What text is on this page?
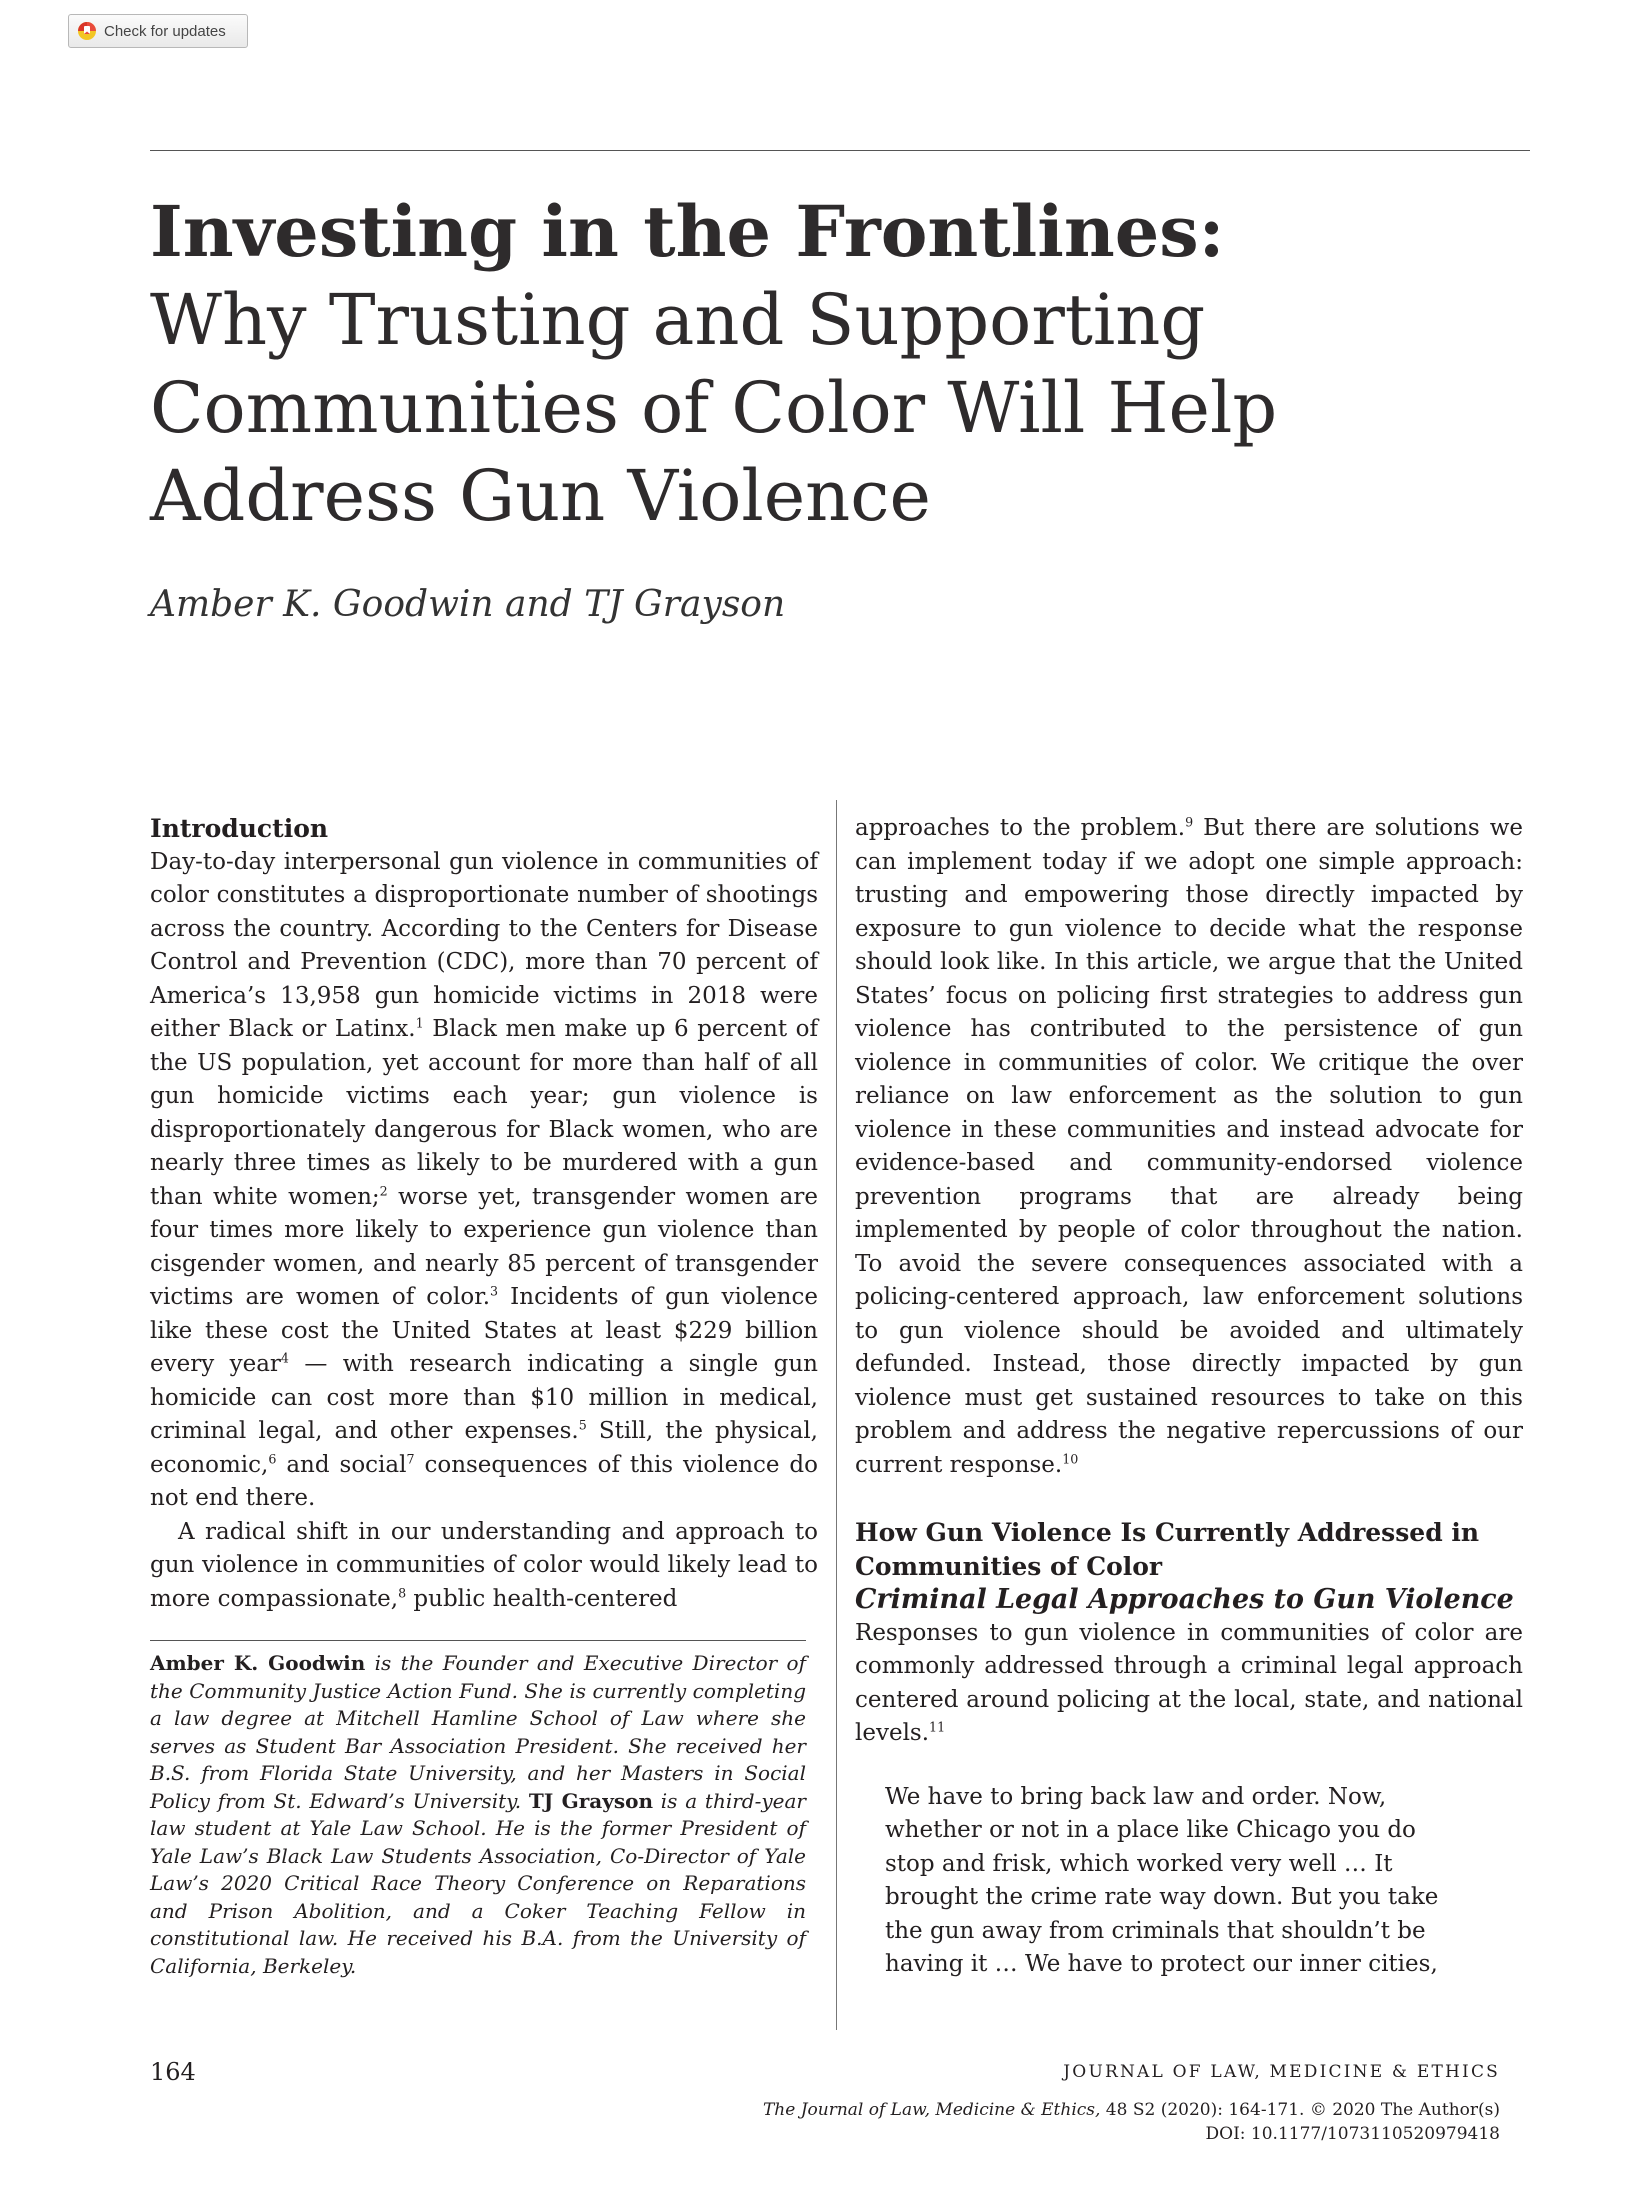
Check for updates
Investing in the Frontlines:
Why Trusting and Supporting Communities of Color Will Help Address Gun Violence

Amber K. Goodwin and TJ Grayson

Introduction

Day-to-day interpersonal gun violence in communities of color constitutes a disproportionate number of shootings across the country. According to the Centers for Disease Control and Prevention (CDC), more than 70 percent of America’s 13,958 gun homicide victims in 2018 were either Black or Latinx.$^1$ Black men make up 6 percent of the US population, yet account for more than half of all gun homicide victims each year; gun violence is disproportionately dangerous for Black women, who are nearly three times as likely to be murdered with a gun than white women;$^2$ worse yet, transgender women are four times more likely to experience gun violence than cisgender women, and nearly 85 percent of transgender victims are women of color.$^3$ Incidents of gun violence like these cost the United States at least $229 billion every year$^4$ — with research indicating a single gun homicide can cost more than $10 million in medical, criminal legal, and other expenses.$^5$ Still, the physical, economic,$^6$ and social$^7$ consequences of this violence do not end there.

A radical shift in our understanding and approach to gun violence in communities of color would likely lead to more compassionate,$^8$ public health-centered

Amber K. Goodwin is the Founder and Executive Director of the Community Justice Action Fund. She is currently completing a law degree at Mitchell Hamline School of Law where she serves as Student Bar Association President. She received her B.S. from Florida State University, and her Masters in Social Policy from St. Edward’s University. TJ Grayson is a third-year law student at Yale Law School. He is the former President of Yale Law’s Black Law Students Association, Co-Director of Yale Law’s 2020 Critical Race Theory Conference on Reparations and Prison Abolition, and a Coker Teaching Fellow in constitutional law. He received his B.A. from the University of California, Berkeley.

approaches to the problem.$^9$ But there are solutions we can implement today if we adopt one simple approach: trusting and empowering those directly impacted by exposure to gun violence to decide what the response should look like. In this article, we argue that the United States’ focus on policing first strategies to address gun violence has contributed to the persistence of gun violence in communities of color. We critique the over reliance on law enforcement as the solution to gun violence in these communities and instead advocate for evidence-based and community-endorsed violence prevention programs that are already being implemented by people of color throughout the nation. To avoid the severe consequences associated with a policing-centered approach, law enforcement solutions to gun violence should be avoided and ultimately defunded. Instead, those directly impacted by gun violence must get sustained resources to take on this problem and address the negative repercussions of our current response.$^{10}$

How Gun Violence Is Currently Addressed in Communities of Color
Criminal Legal Approaches to Gun Violence

Responses to gun violence in communities of color are commonly addressed through a criminal legal approach centered around policing at the local, state, and national levels.$^{11}$

We have to bring back law and order. Now, whether or not in a place like Chicago you do stop and frisk, which worked very well … It brought the crime rate way down. But you take the gun away from criminals that shouldn’t be having it … We have to protect our inner cities,

164	JOURNAL OF LAW, MEDICINE & ETHICS
The Journal of Law, Medicine & Ethics, 48 S2 (2020): 164-171. © 2020 The Author(s)
DOI: 10.1177/1073110520979418
